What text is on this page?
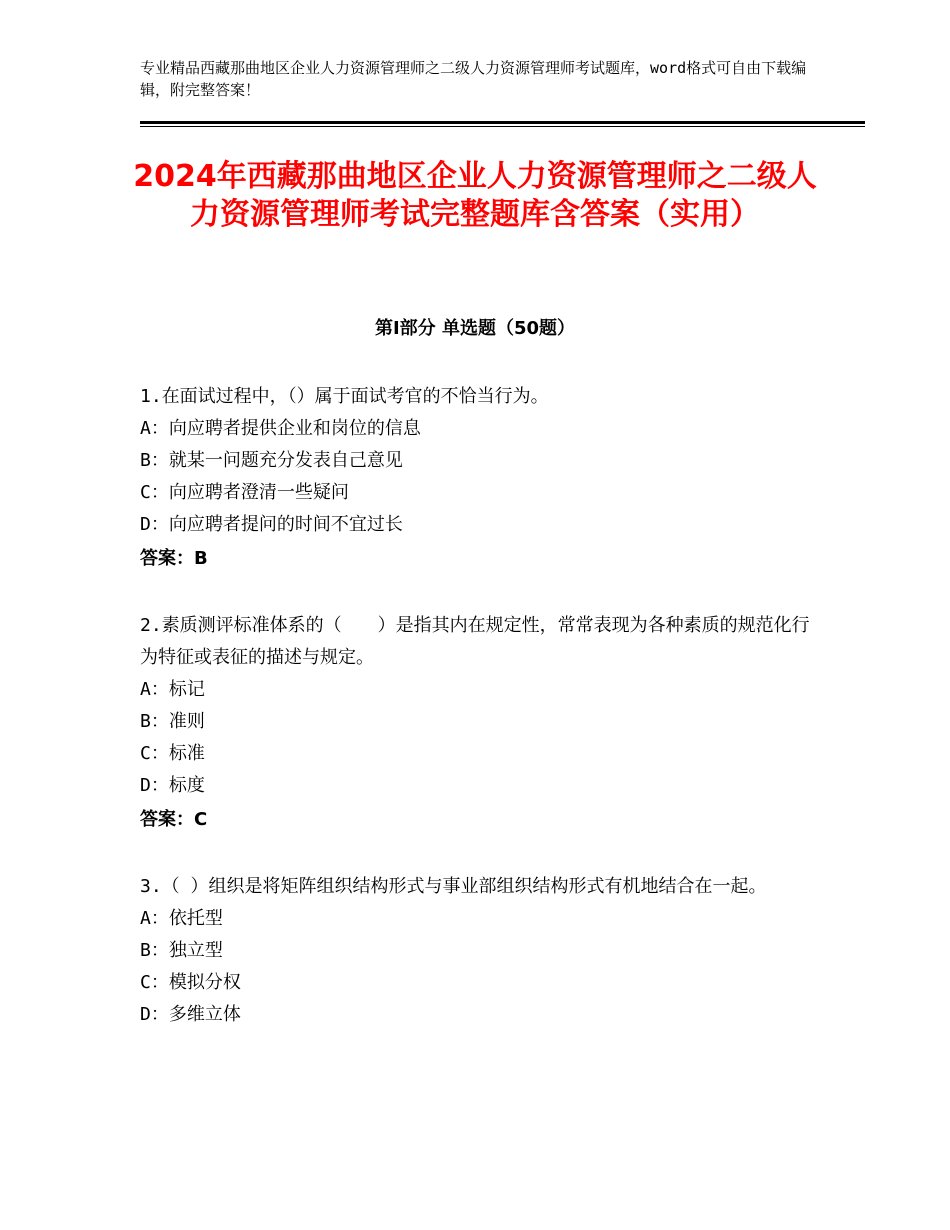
专业精品西藏那曲地区企业人力资源管理师之二级人力资源管理师考试题库，word格式可自由下载编辑，附完整答案！

2024年西藏那曲地区企业人力资源管理师之二级人力资源管理师考试完整题库含答案（实用）
第Ⅰ部分 单选题（50题）

1.在面试过程中，（）属于面试考官的不恰当行为。

A：向应聘者提供企业和岗位的信息
B：就某一问题充分发表自己意见
C：向应聘者澄清一些疑问
D：向应聘者提问的时间不宜过长

答案：B

2.素质测评标准体系的（　　）是指其内在规定性，常常表现为各种素质的规范化行为特征或表征的描述与规定。

A：标记
B：准则
C：标准
D：标度

答案：C

3.（ ）组织是将矩阵组织结构形式与事业部组织结构形式有机地结合在一起。

A：依托型
B：独立型
C：模拟分权
D：多维立体
